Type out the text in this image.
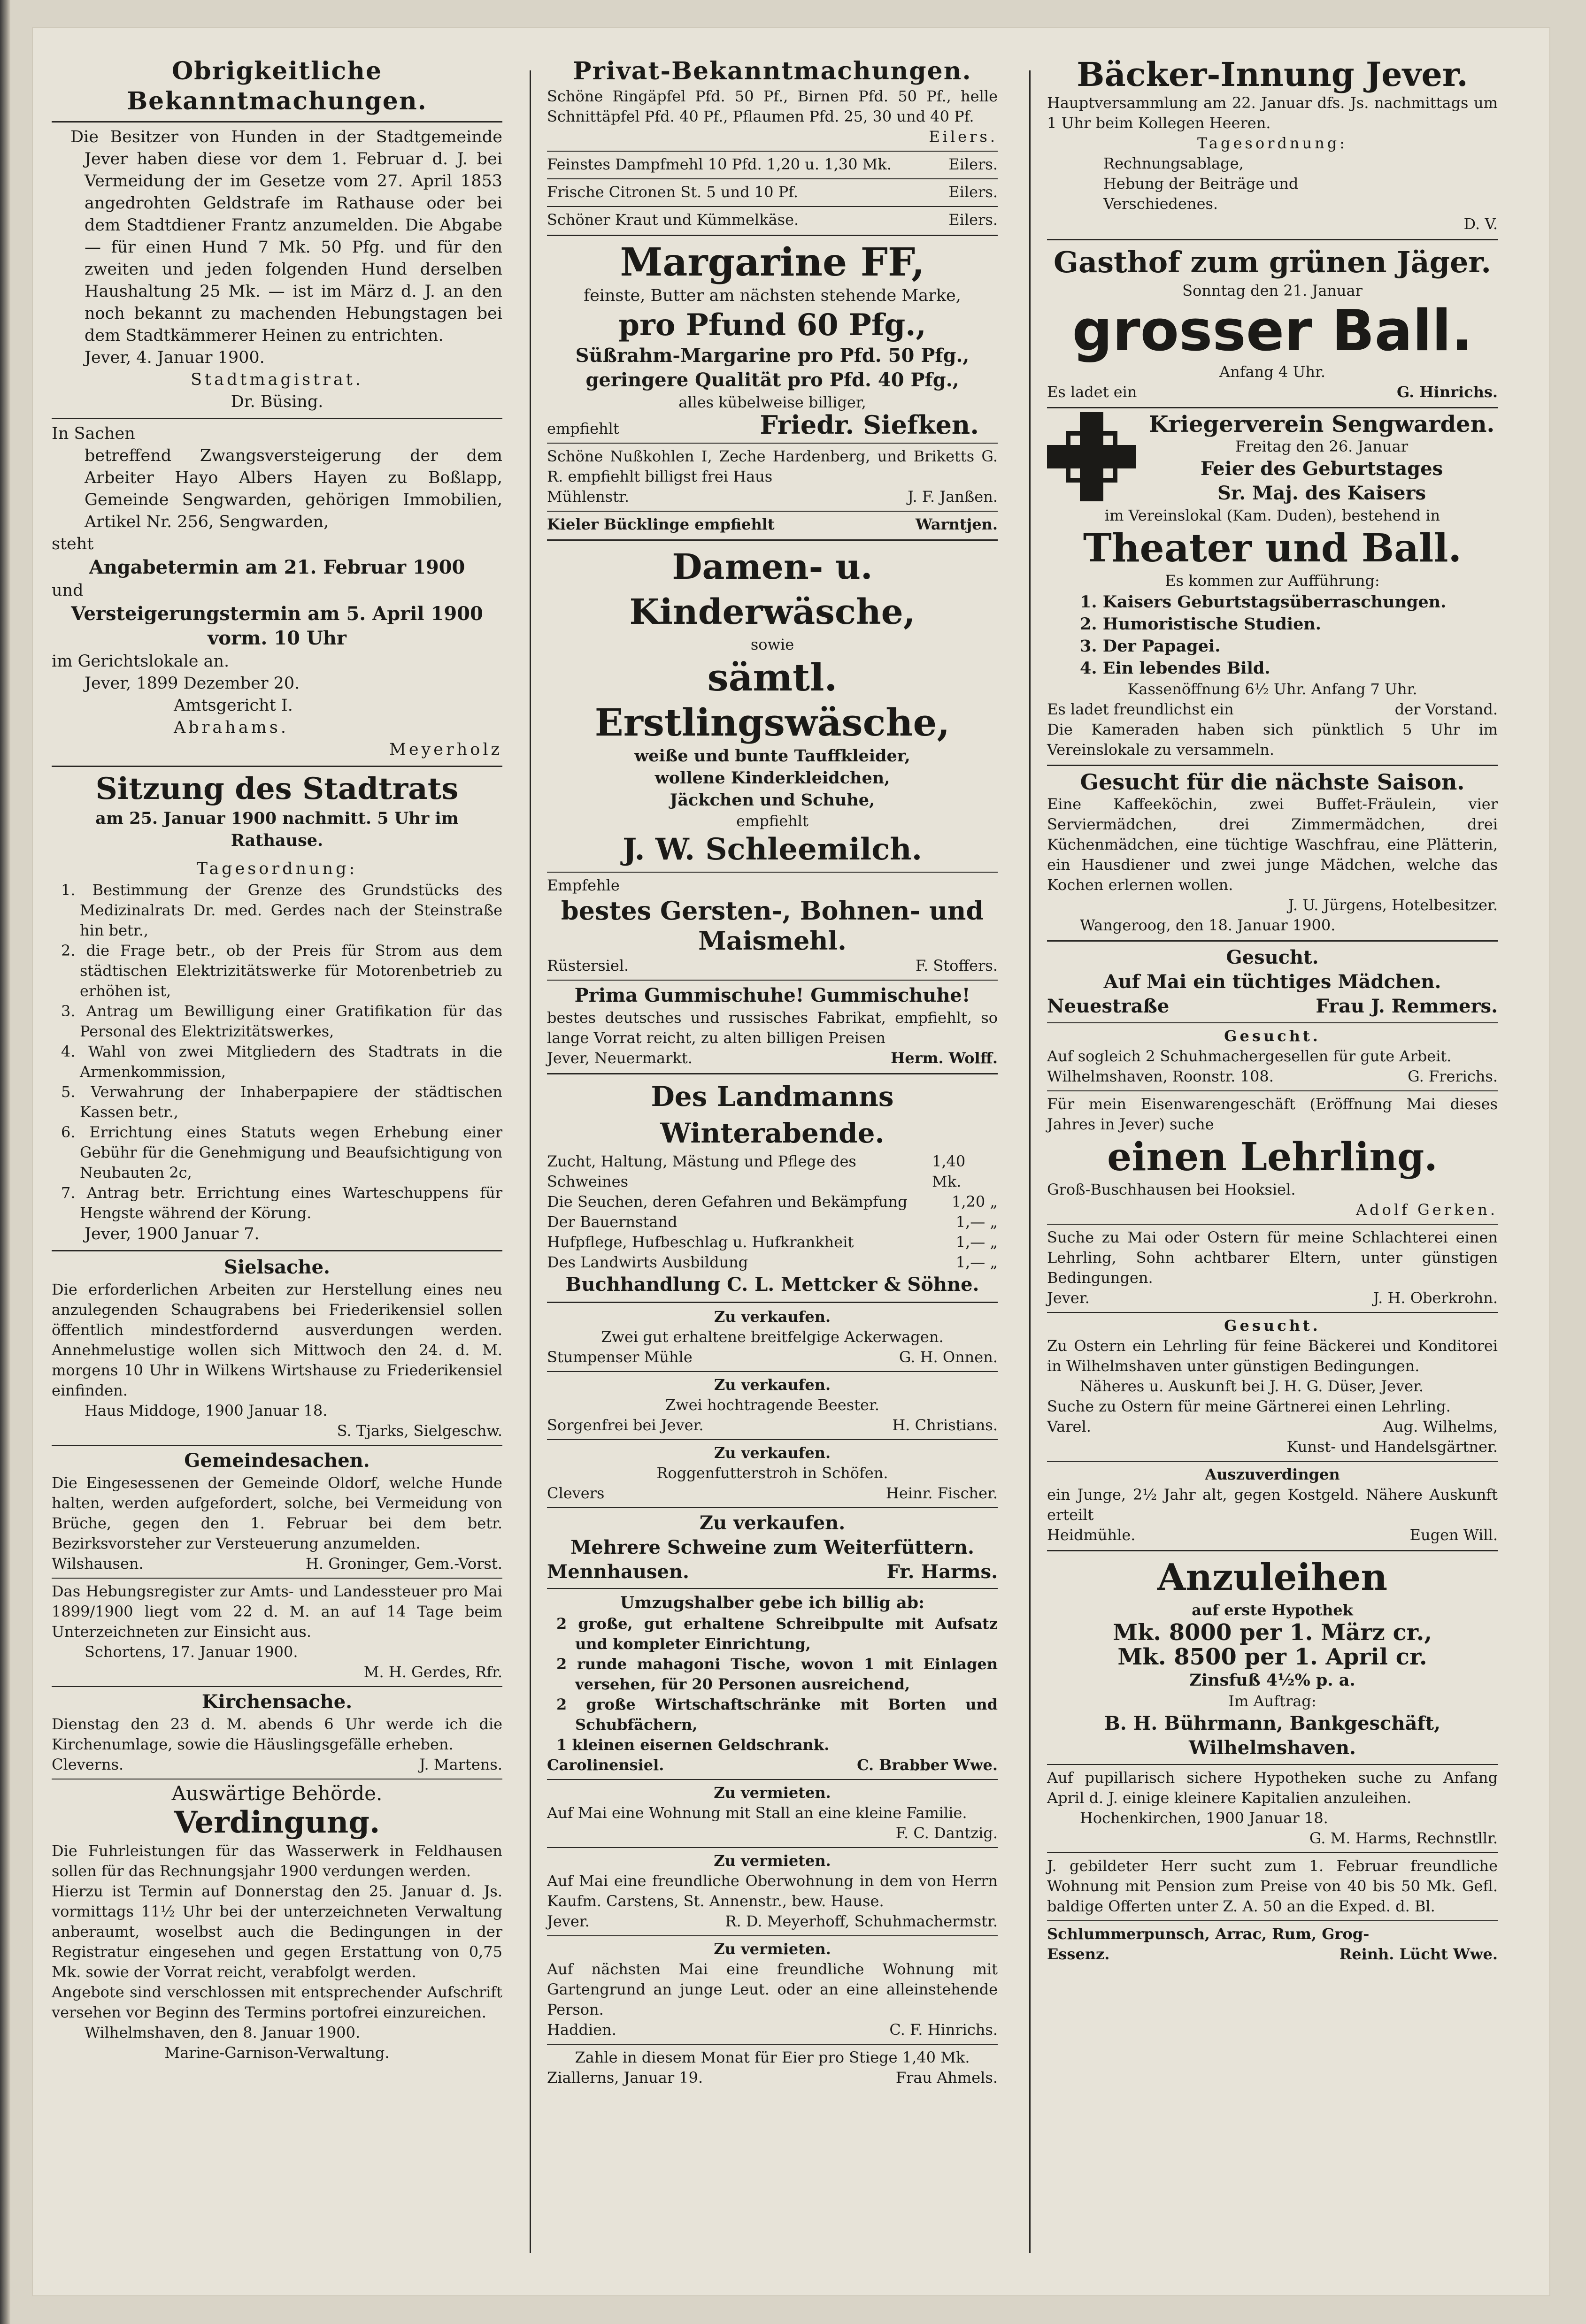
Obrigkeitliche Bekanntmachungen.
Die Besitzer von Hunden in der Stadtgemeinde Jever haben diese vor dem 1. Februar d. J. bei Vermeidung der im Gesetze vom 27. April 1853 angedrohten Geldstrafe im Rathause oder bei dem Stadtdiener Frantz anzumelden. Die Abgabe — für einen Hund 7 Mk. 50 Pfg. und für den zweiten und jeden folgenden Hund derselben Haushaltung 25 Mk. — ist im März d. J. an den noch bekannt zu machenden Hebungstagen bei dem Stadtkämmerer Heinen zu entrichten.
Jever, 4. Januar 1900.
Stadtmagistrat.
Dr. Büsing.
In Sachen
betreffend Zwangsversteigerung der dem Arbeiter Hayo Albers Hayen zu Boßlapp, Gemeinde Sengwarden, gehörigen Immobilien, Artikel Nr. 256, Sengwarden,
steht
Angabetermin am 21. Februar 1900
und
Versteigerungstermin am 5. April 1900
vorm. 10 Uhr
im Gerichtslokale an.
Jever, 1899 Dezember 20.
Amtsgericht I.
Abrahams.
Meyerholz
Sitzung des Stadtrats
am 25. Januar 1900 nachmitt. 5 Uhr im Rathause.
Tagesordnung:
1. Bestimmung der Grenze des Grundstücks des Medizinalrats Dr. med. Gerdes nach der Steinstraße hin betr.,
2. die Frage betr., ob der Preis für Strom aus dem städtischen Elektrizitätswerke für Motorenbetrieb zu erhöhen ist,
3. Antrag um Bewilligung einer Gratifikation für das Personal des Elektrizitätswerkes,
4. Wahl von zwei Mitgliedern des Stadtrats in die Armenkommission,
5. Verwahrung der Inhaberpapiere der städtischen Kassen betr.,
6. Errichtung eines Statuts wegen Erhebung einer Gebühr für die Genehmigung und Beaufsichtigung von Neubauten 2c,
7. Antrag betr. Errichtung eines Warteschuppens für Hengste während der Körung.
Jever, 1900 Januar 7.
Sielsache.
Die erforderlichen Arbeiten zur Herstellung eines neu anzulegenden Schaugrabens bei Friederikensiel sollen öffentlich mindestfordernd ausverdungen werden. Annehmelustige wollen sich Mittwoch den 24. d. M. morgens 10 Uhr in Wilkens Wirtshause zu Friederikensiel einfinden.
Haus Middoge, 1900 Januar 18.
S. Tjarks, Sielgeschw.
Gemeindesachen.
Die Eingesessenen der Gemeinde Oldorf, welche Hunde halten, werden aufgefordert, solche, bei Vermeidung von Brüche, gegen den 1. Februar bei dem betr. Bezirksvorsteher zur Versteuerung anzumelden.
Wilshausen.	H. Groninger, Gem.-Vorst.
Das Hebungsregister zur Amts- und Landessteuer pro Mai 1899/1900 liegt vom 22 d. M. an auf 14 Tage beim Unterzeichneten zur Einsicht aus.
Schortens, 17. Januar 1900.
M. H. Gerdes, Rfr.
Kirchensache.
Dienstag den 23 d. M. abends 6 Uhr werde ich die Kirchenumlage, sowie die Häuslingsgefälle erheben.
Cleverns.	J. Martens.
Auswärtige Behörde.
Verdingung.
Die Fuhrleistungen für das Wasserwerk in Feldhausen sollen für das Rechnungsjahr 1900 verdungen werden.
Hierzu ist Termin auf Donnerstag den 25. Januar d. Js. vormittags 11½ Uhr bei der unterzeichneten Verwaltung anberaumt, woselbst auch die Bedingungen in der Registratur eingesehen und gegen Erstattung von 0,75 Mk. sowie der Vorrat reicht, verabfolgt werden.
Angebote sind verschlossen mit entsprechender Aufschrift versehen vor Beginn des Termins portofrei einzureichen.
Wilhelmshaven, den 8. Januar 1900.
Marine-Garnison-Verwaltung.
Privat-Bekanntmachungen.
Schöne Ringäpfel Pfd. 50 Pf., Birnen Pfd. 50 Pf., helle Schnittäpfel Pfd. 40 Pf., Pflaumen Pfd. 25, 30 und 40 Pf.
Eilers.
Feinstes Dampfmehl 10 Pfd. 1,20 u. 1,30 Mk.	Eilers.
Frische Citronen St. 5 und 10 Pf.	Eilers.
Schöner Kraut und Kümmelkäse.	Eilers.
Margarine FF,
feinste, Butter am nächsten stehende Marke,
pro Pfund 60 Pfg.,
Süßrahm-Margarine pro Pfd. 50 Pfg.,
geringere Qualität pro Pfd. 40 Pfg.,
alles kübelweise billiger,
empfiehlt	Friedr. Siefken.
Schöne Nußkohlen I, Zeche Hardenberg, und Briketts G. R. empfiehlt billigst frei Haus
Mühlenstr.	J. F. Janßen.
Kieler Bücklinge empfiehlt	Warntjen.
Damen- u. Kinderwäsche,
sowie
sämtl. Erstlingswäsche,
weiße und bunte Tauffkleider,
wollene Kinderkleidchen,
Jäckchen und Schuhe,
empfiehlt
J. W. Schleemilch.
Empfehle
bestes Gersten-, Bohnen- und Maismehl.
Rüstersiel.	F. Stoffers.
Prima Gummischuhe! Gummischuhe!
bestes deutsches und russisches Fabrikat, empfiehlt, so lange Vorrat reicht, zu alten billigen Preisen
Jever, Neuermarkt.	Herm. Wolff.
Des Landmanns Winterabende.
Zucht, Haltung, Mästung und Pflege des Schweines
1,40 Mk.
Die Seuchen, deren Gefahren und Bekämpfung	1,20 „
Der Bauernstand	1,— „
Hufpflege, Hufbeschlag u. Hufkrankheit	1,— „
Des Landwirts Ausbildung	1,— „
Buchhandlung C. L. Mettcker & Söhne.
Zu verkaufen.
Zwei gut erhaltene breitfelgige Ackerwagen.
Stumpenser Mühle	G. H. Onnen.
Zu verkaufen.
Zwei hochtragende Beester.
Sorgenfrei bei Jever.	H. Christians.
Zu verkaufen.
Roggenfutterstroh in Schöfen.
Clevers	Heinr. Fischer.
Zu verkaufen.
Mehrere Schweine zum Weiterfüttern.
Mennhausen.	Fr. Harms.
Umzugshalber gebe ich billig ab:
2 große, gut erhaltene Schreibpulte mit Aufsatz und kompleter Einrichtung,
2 runde mahagoni Tische, wovon 1 mit Einlagen versehen, für 20 Personen ausreichend,
2 große Wirtschaftschränke mit Borten und Schubfächern,
1 kleinen eisernen Geldschrank.
Carolinensiel.	C. Brabber Wwe.
Zu vermieten.
Auf Mai eine Wohnung mit Stall an eine kleine Familie.
F. C. Dantzig.
Zu vermieten.
Auf Mai eine freundliche Oberwohnung in dem von Herrn Kaufm. Carstens, St. Annenstr., bew. Hause.
Jever.	R. D. Meyerhoff, Schuhmachermstr.
Zu vermieten.
Auf nächsten Mai eine freundliche Wohnung mit Gartengrund an junge Leut. oder an eine alleinstehende Person.
Haddien.	C. F. Hinrichs.
Zahle in diesem Monat für Eier pro Stiege 1,40 Mk.
Ziallerns, Januar 19.	Frau Ahmels.
Bäcker-Innung Jever.
Hauptversammlung am 22. Januar dfs. Js. nachmittags um 1 Uhr beim Kollegen Heeren.
Tagesordnung:
Rechnungsablage,
Hebung der Beiträge und
Verschiedenes.
D. V.
Gasthof zum grünen Jäger.
Sonntag den 21. Januar
grosser Ball.
Anfang 4 Uhr.
Es ladet ein	G. Hinrichs.
Kriegerverein Sengwarden.
Freitag den 26. Januar
Feier des Geburtstages
Sr. Maj. des Kaisers
im Vereinslokal (Kam. Duden), bestehend in
Theater und Ball.
Es kommen zur Aufführung:
1. Kaisers Geburtstagsüberraschungen.
2. Humoristische Studien.
3. Der Papagei.
4. Ein lebendes Bild.
Kassenöffnung 6½ Uhr. Anfang 7 Uhr.
Es ladet freundlichst ein	der Vorstand.
Die Kameraden haben sich pünktlich 5 Uhr im Vereinslokale zu versammeln.
Gesucht für die nächste Saison.
Eine Kaffeeköchin, zwei Buffet-Fräulein, vier Serviermädchen, drei Zimmermädchen, drei Küchenmädchen, eine tüchtige Waschfrau, eine Plätterin, ein Hausdiener und zwei junge Mädchen, welche das Kochen erlernen wollen.
J. U. Jürgens, Hotelbesitzer.
Wangeroog, den 18. Januar 1900.
Gesucht.
Auf Mai ein tüchtiges Mädchen.
Neuestraße	Frau J. Remmers.
Gesucht.
Auf sogleich 2 Schuhmachergesellen für gute Arbeit.
Wilhelmshaven, Roonstr. 108.	G. Frerichs.
Für mein Eisenwarengeschäft (Eröffnung Mai dieses Jahres in Jever) suche
einen Lehrling.
Groß-Buschhausen bei Hooksiel.
Adolf Gerken.
Suche zu Mai oder Ostern für meine Schlachterei einen Lehrling, Sohn achtbarer Eltern, unter günstigen Bedingungen.
Jever.	J. H. Oberkrohn.
Gesucht.
Zu Ostern ein Lehrling für feine Bäckerei und Konditorei in Wilhelmshaven unter günstigen Bedingungen.
Näheres u. Auskunft bei J. H. G. Düser, Jever.
Suche zu Ostern für meine Gärtnerei einen Lehrling.
Varel.	Aug. Wilhelms,
Kunst- und Handelsgärtner.
Auszuverdingen
ein Junge, 2½ Jahr alt, gegen Kostgeld. Nähere Auskunft erteilt
Heidmühle.	Eugen Will.
Anzuleihen
auf erste Hypothek
Mk. 8000 per 1. März cr.,
Mk. 8500 per 1. April cr.
Zinsfuß 4½% p. a.
Im Auftrag:
B. H. Bührmann, Bankgeschäft,
Wilhelmshaven.
Auf pupillarisch sichere Hypotheken suche zu Anfang April d. J. einige kleinere Kapitalien anzuleihen.
Hochenkirchen, 1900 Januar 18.
G. M. Harms, Rechnstllr.
J. gebildeter Herr sucht zum 1. Februar freundliche Wohnung mit Pension zum Preise von 40 bis 50 Mk. Gefl. baldige Offerten unter Z. A. 50 an die Exped. d. Bl.
Schlummerpunsch, Arrac, Rum, Grog-
Essenz.	Reinh. Lücht Wwe.
